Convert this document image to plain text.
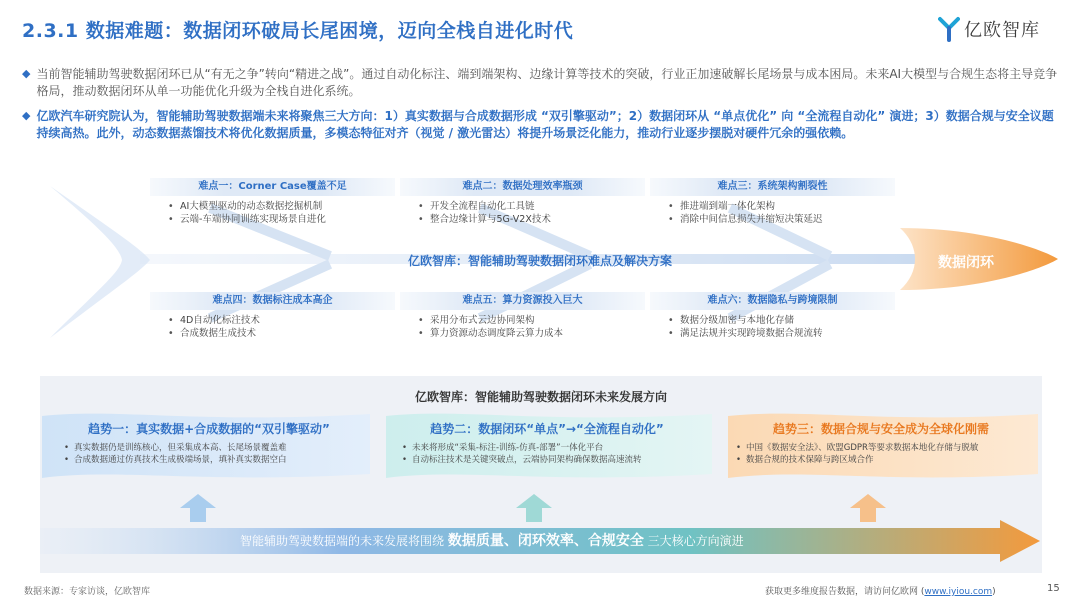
2.3.1 数据难题：数据闭环破局长尾困境，迈向全栈自进化时代	亿欧智库
◆ 当前智能辅助驾驶数据闭环已从“有无之争”转向“精进之战”。通过自动化标注、端到端架构、边缘计算等技术的突破，行业正加速破解长尾场景与成本困局。未来AI大模型与合规生态将主导竞争格局，推动数据闭环从单一功能优化升级为全栈自进化系统。
◆ 亿欧汽车研究院认为，智能辅助驾驶数据端未来将聚焦三大方向：1）真实数据与合成数据形成 “双引擎驱动”；2）数据闭环从 “单点优化” 向 “全流程自动化” 演进；3）数据合规与安全议题持续高热。此外，动态数据蒸馏技术将优化数据质量，多模态特征对齐（视觉 / 激光雷达）将提升场景泛化能力，推动行业逐步摆脱对硬件冗余的强依赖。
亿欧智库：智能辅助驾驶数据闭环难点及解决方案	数据闭环
难点一：Corner Case覆盖不足
• AI大模型驱动的动态数据挖掘机制
• 云端-车端协同训练实现场景自进化
难点二：数据处理效率瓶颈
• 开发全流程自动化工具链
• 整合边缘计算与5G-V2X技术
难点三：系统架构割裂性
• 推进端到端一体化架构
• 消除中间信息损失并缩短决策延迟
难点四：数据标注成本高企
• 4D自动化标注技术
• 合成数据生成技术
难点五：算力资源投入巨大
• 采用分布式云边协同架构
• 算力资源动态调度降云算力成本
难点六：数据隐私与跨境限制
• 数据分级加密与本地化存储
• 满足法规并实现跨境数据合规流转
亿欧智库：智能辅助驾驶数据闭环未来发展方向
趋势一：真实数据+合成数据的“双引擎驱动”
• 真实数据仍是训练核心，但采集成本高、长尾场景覆盖难
• 合成数据通过仿真技术生成极端场景，填补真实数据空白
趋势二：数据闭环“单点”→“全流程自动化”
• 未来将形成“采集-标注-训练-仿真-部署”一体化平台
• 自动标注技术是关键突破点，云端协同架构确保数据高速流转
趋势三：数据合规与安全成为全球化刚需
• 中国《数据安全法》、欧盟GDPR等要求数据本地化存储与脱敏
• 数据合规的技术保障与跨区域合作
智能辅助驾驶数据端的未来发展将围绕 数据质量、闭环效率、合规安全 三大核心方向演进
数据来源：专家访谈，亿欧智库	获取更多维度报告数据，请访问亿欧网 (www.iyiou.com)	15
